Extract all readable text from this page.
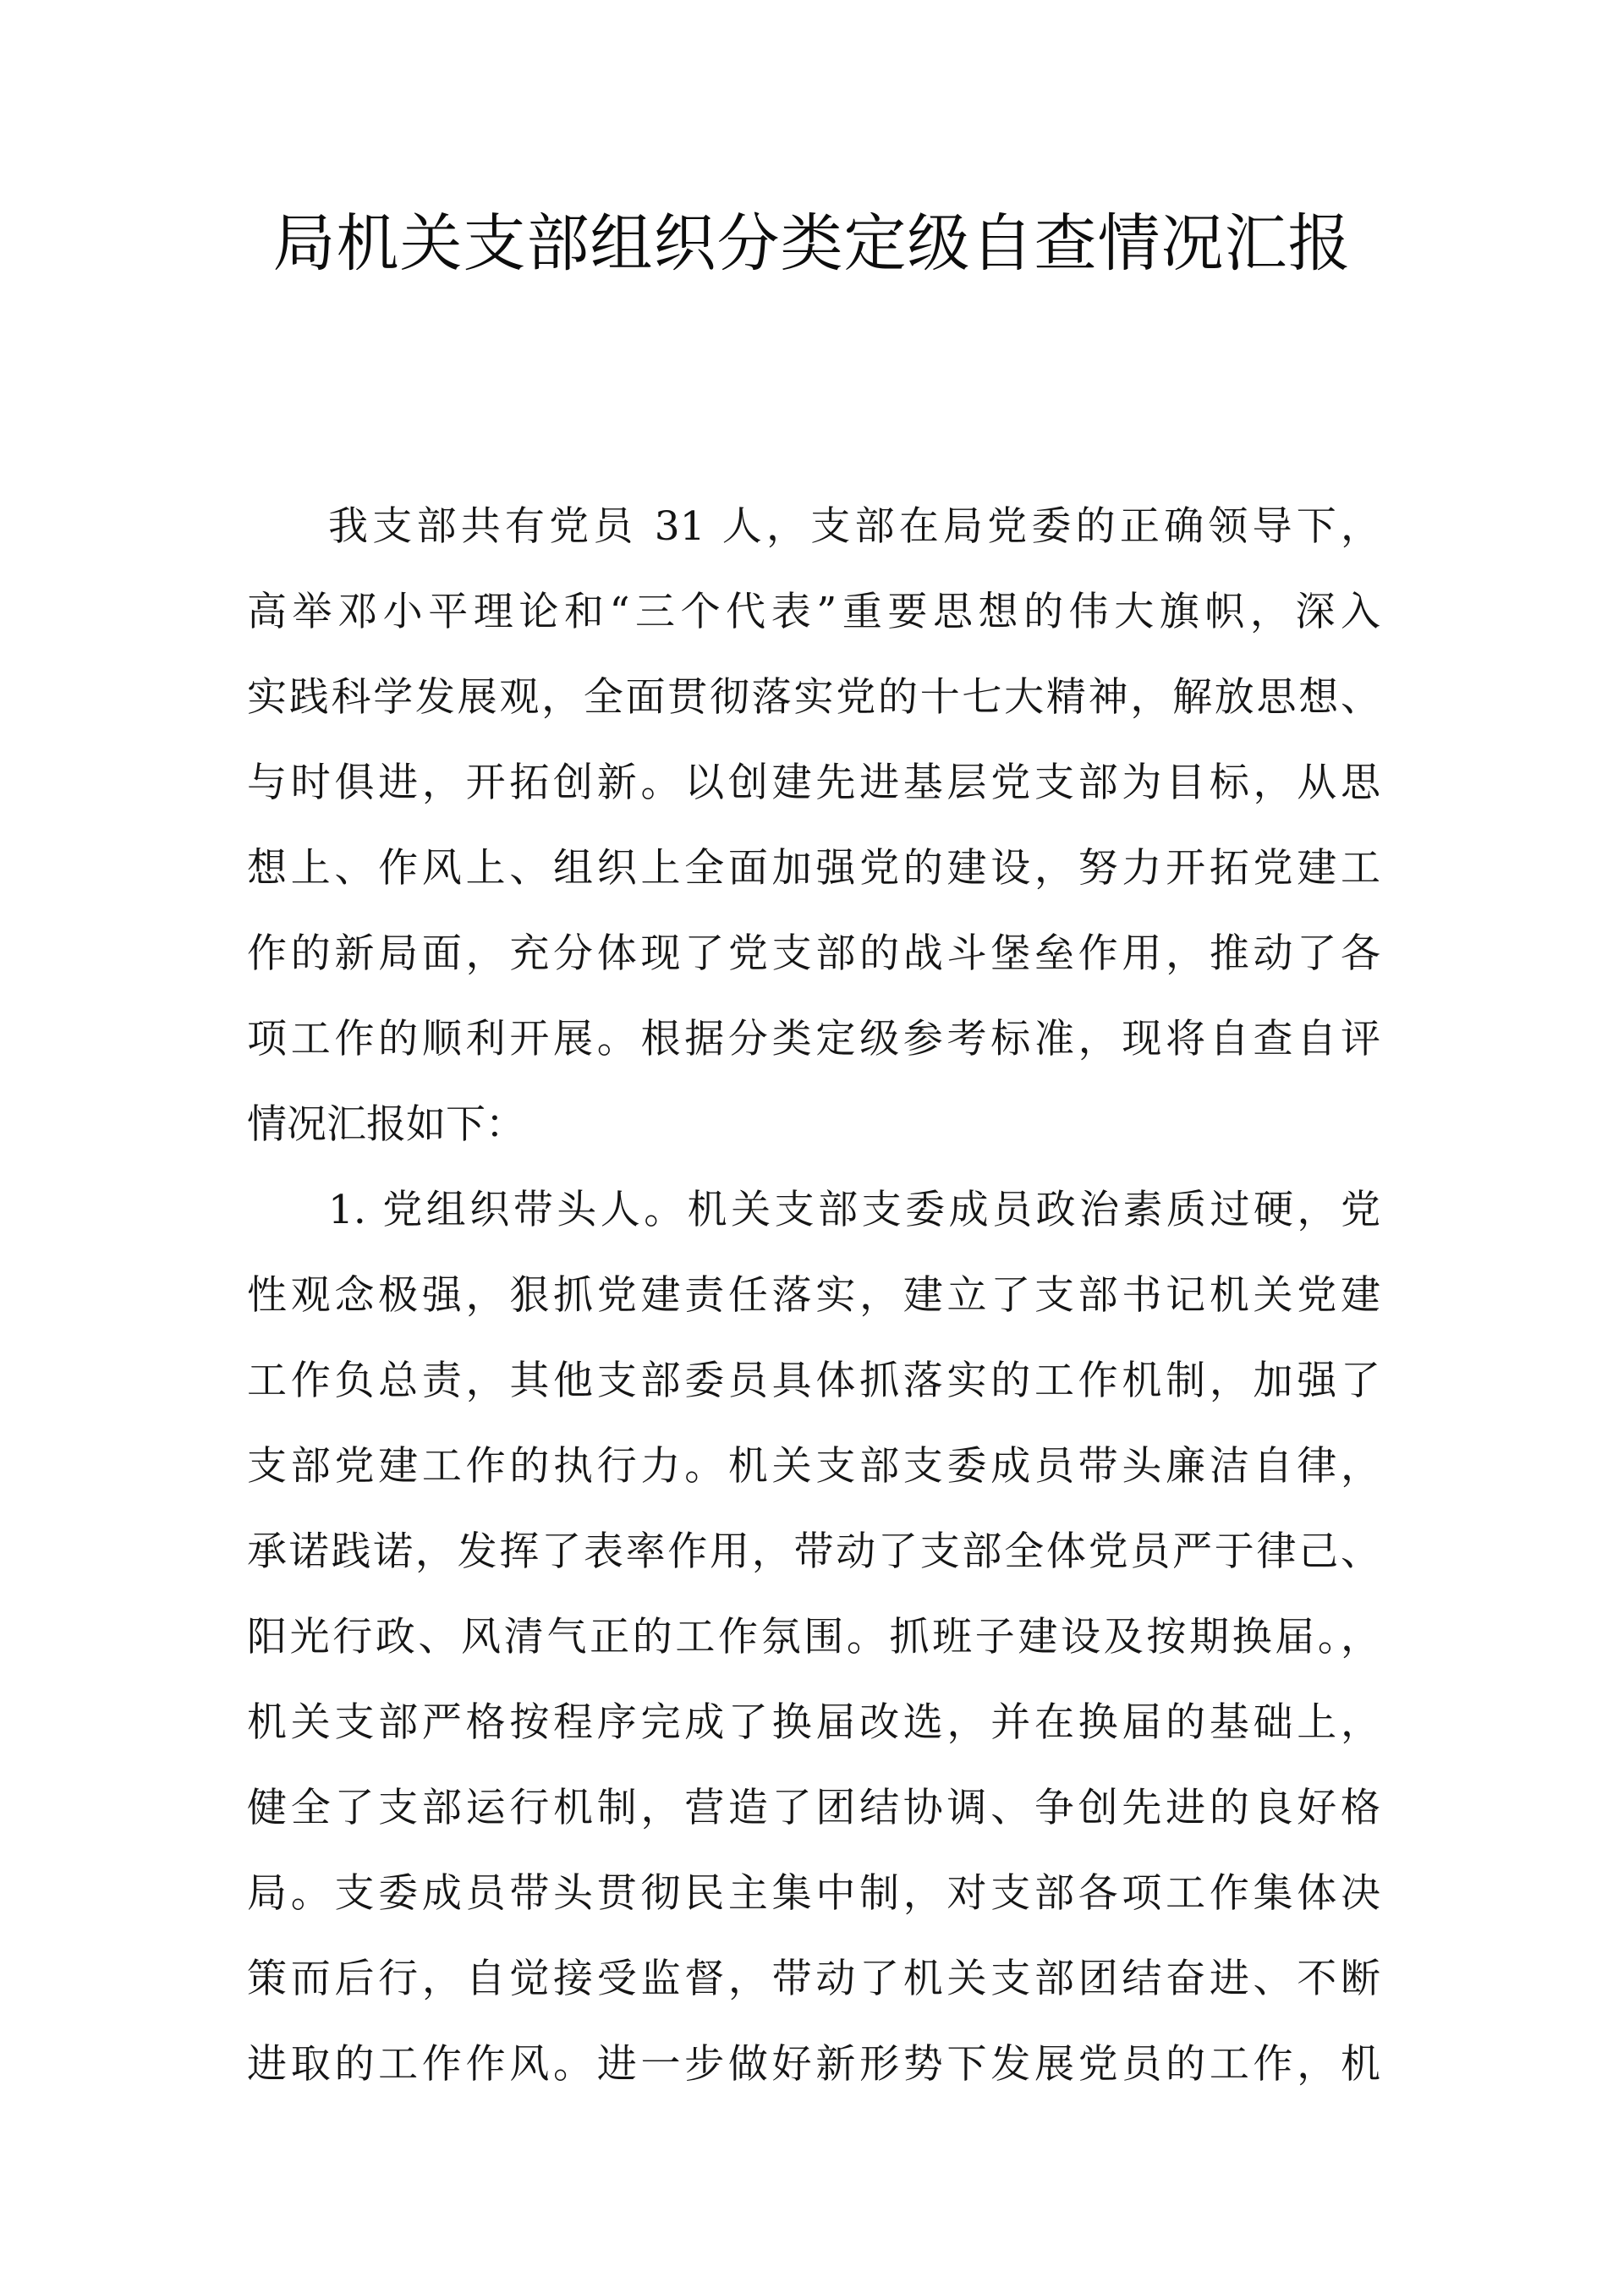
局机关支部组织分类定级自查情况汇报
我支部共有党员 31 人，支部在局党委的正确领导下，
高举邓小平理论和“三个代表”重要思想的伟大旗帜，深入
实践科学发展观，全面贯彻落实党的十七大精神，解放思想、
与时俱进，开拓创新。以创建先进基层党支部为目标，从思
想上、作风上、组织上全面加强党的建设，努力开拓党建工
作的新局面，充分体现了党支部的战斗堡垒作用，推动了各
项工作的顺利开展。根据分类定级参考标准，现将自查自评
情况汇报如下：
1. 党组织带头人。机关支部支委成员政治素质过硬，党
性观念极强，狠抓党建责任落实，建立了支部书记机关党建
工作负总责，其他支部委员具体抓落实的工作机制，加强了
支部党建工作的执行力。机关支部支委成员带头廉洁自律，
承诺践诺，发挥了表率作用，带动了支部全体党员严于律己、
阳光行政、风清气正的工作氛围。抓班子建设及按期换届。，
机关支部严格按程序完成了换届改选，并在换届的基础上，
健全了支部运行机制，营造了团结协调、争创先进的良好格
局。支委成员带头贯彻民主集中制，对支部各项工作集体决
策而后行，自觉接受监督，带动了机关支部团结奋进、不断
进取的工作作风。进一步做好新形势下发展党员的工作，机
